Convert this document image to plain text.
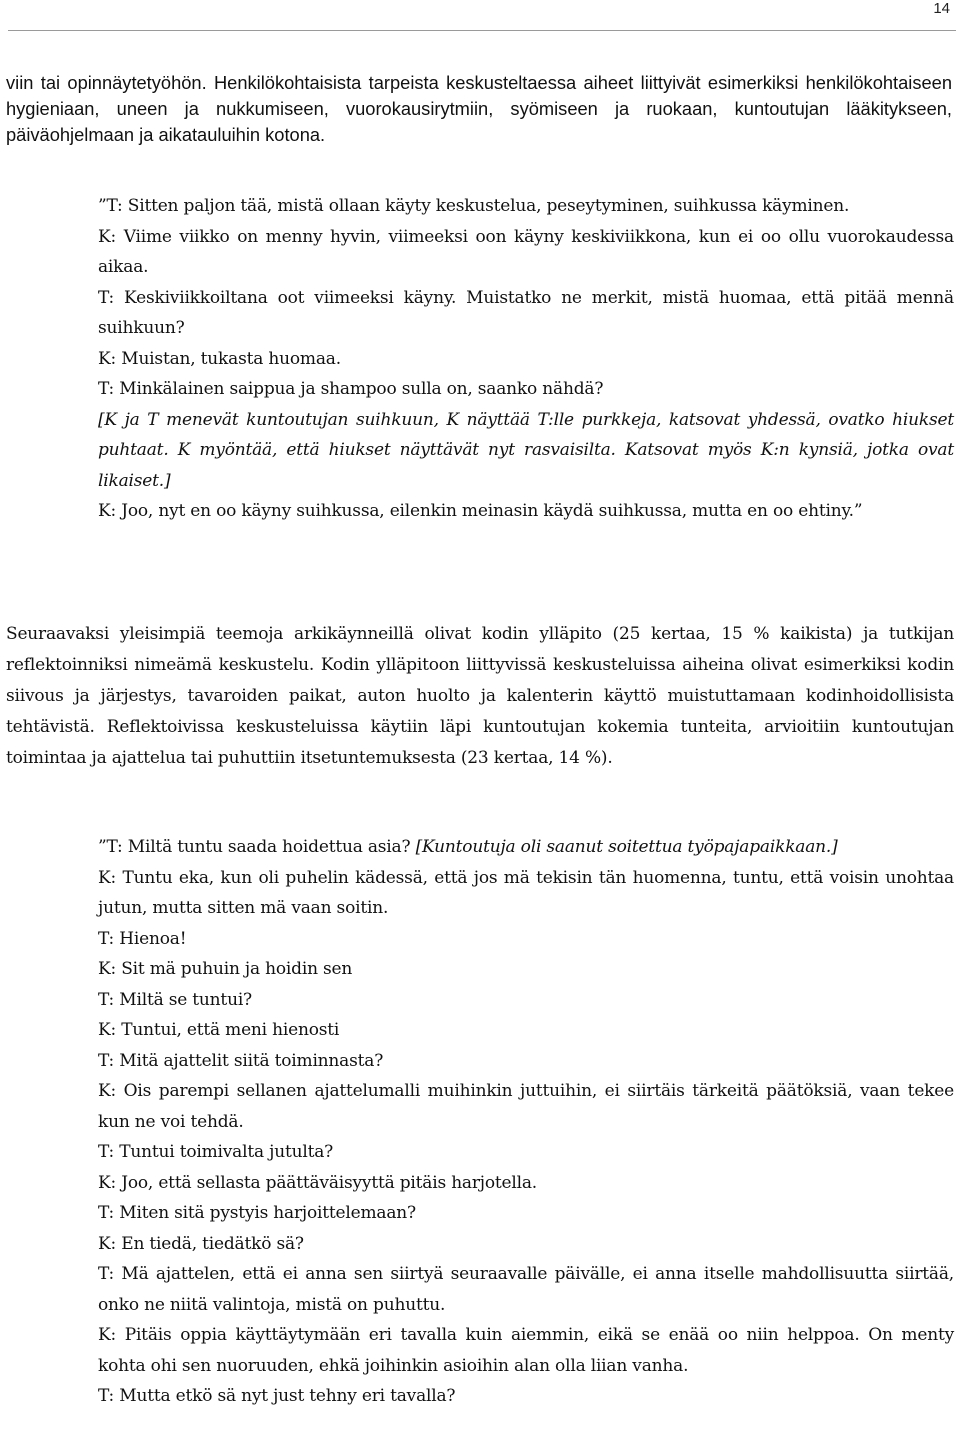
14

viin tai opinnäytetyöhön. Henkilökohtaisista tarpeista keskusteltaessa aiheet liittyivät esimerkiksi henkilökohtaiseen hygieniaan, uneen ja nukkumiseen, vuorokausirytmiin, syömiseen ja ruokaan, kuntoutujan lääkitykseen, päiväohjelmaan ja aikatauluihin kotona.

”T: Sitten paljon tää, mistä ollaan käyty keskustelua, peseytyminen, suihkussa käyminen.
K: Viime viikko on menny hyvin, viimeeksi oon käyny keskiviikkona, kun ei oo ollu vuorokaudessa aikaa.
T: Keskiviikkoiltana oot viimeeksi käyny. Muistatko ne merkit, mistä huomaa, että pitää mennä suihkuun?
K: Muistan, tukasta huomaa.
T: Minkälainen saippua ja shampoo sulla on, saanko nähdä?
[K ja T menevät kuntoutujan suihkuun, K näyttää T:lle purkkeja, katsovat yhdessä, ovatko hiukset puhtaat. K myöntää, että hiukset näyttävät nyt rasvaisilta. Katsovat myös K:n kynsiä, jotka ovat likaiset.]
K: Joo, nyt en oo käyny suihkussa, eilenkin meinasin käydä suihkussa, mutta en oo ehtiny.”

Seuraavaksi yleisimpiä teemoja arkikäynneillä olivat kodin ylläpito (25 kertaa, 15 % kaikista) ja tutkijan reflektoinniksi nimeämä keskustelu. Kodin ylläpitoon liittyvissä keskusteluissa aiheina olivat esimerkiksi kodin siivous ja järjestys, tavaroiden paikat, auton huolto ja kalenterin käyttö muistuttamaan kodinhoidollisista tehtävistä. Reflektoivissa keskusteluissa käytiin läpi kuntoutujan kokemia tunteita, arvioitiin kuntoutujan toimintaa ja ajattelua tai puhuttiin itsetuntemuksesta (23 kertaa, 14 %).

”T: Miltä tuntu saada hoidettua asia? [Kuntoutuja oli saanut soitettua työpajapaikkaan.]
K: Tuntu eka, kun oli puhelin kädessä, että jos mä tekisin tän huomenna, tuntu, että voisin unohtaa jutun, mutta sitten mä vaan soitin.
T: Hienoa!
K: Sit mä puhuin ja hoidin sen
T: Miltä se tuntui?
K: Tuntui, että meni hienosti
T: Mitä ajattelit siitä toiminnasta?
K: Ois parempi sellanen ajattelumalli muihinkin juttuihin, ei siirtäis tärkeitä päätöksiä, vaan tekee kun ne voi tehdä.
T: Tuntui toimivalta jutulta?
K: Joo, että sellasta päättäväisyyttä pitäis harjotella.
T: Miten sitä pystyis harjoittelemaan?
K: En tiedä, tiedätkö sä?
T: Mä ajattelen, että ei anna sen siirtyä seuraavalle päivälle, ei anna itselle mahdollisuutta siirtää, onko ne niitä valintoja, mistä on puhuttu.
K: Pitäis oppia käyttäytymään eri tavalla kuin aiemmin, eikä se enää oo niin helppoa. On menty kohta ohi sen nuoruuden, ehkä joihinkin asioihin alan olla liian vanha.
T: Mutta etkö sä nyt just tehny eri tavalla?
